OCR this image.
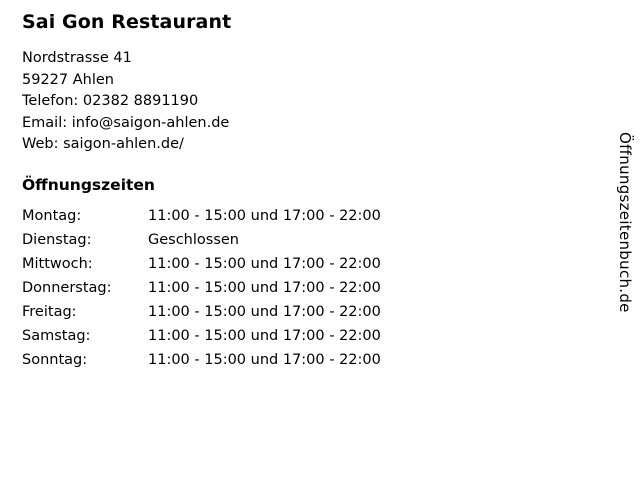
Sai Gon Restaurant
Nordstrasse 41
59227 Ahlen
Telefon: 02382 8891190
Email: info@saigon-ahlen.de
Web: saigon-ahlen.de/
Öffnungszeiten
Montag:	11:00 - 15:00 und 17:00 - 22:00
Dienstag:	Geschlossen
Mittwoch:	11:00 - 15:00 und 17:00 - 22:00
Donnerstag:	11:00 - 15:00 und 17:00 - 22:00
Freitag:	11:00 - 15:00 und 17:00 - 22:00
Samstag:	11:00 - 15:00 und 17:00 - 22:00
Sonntag:	11:00 - 15:00 und 17:00 - 22:00
Öffnungszeitenbuch.de
